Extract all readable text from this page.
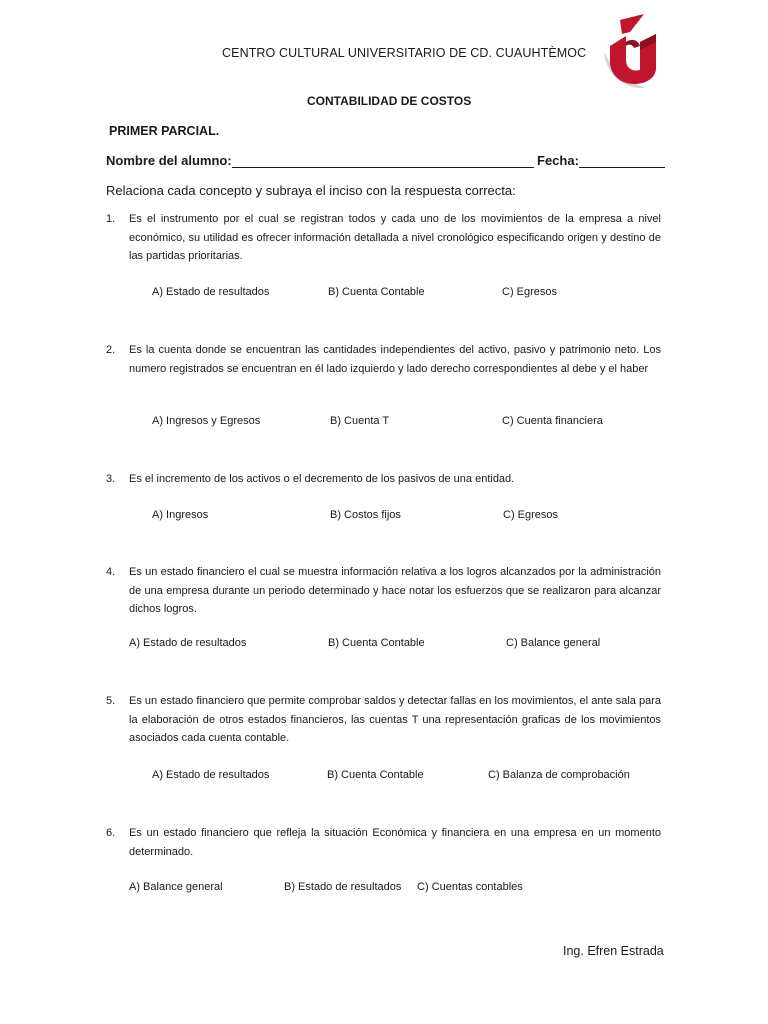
CENTRO CULTURAL UNIVERSITARIO DE CD. CUAUHTÈMOC
CONTABILIDAD DE COSTOS
PRIMER PARCIAL.
Nombre del alumno:	Fecha:
Relaciona cada concepto y subraya el inciso con la respuesta correcta:
1. Es el instrumento por el cual se registran todos y cada uno de los movimientos de la empresa a nivel económico, su utilidad es ofrecer información detallada a nivel cronológico especificando origen y destino de las partidas prioritarias.
A) Estado de resultados	B) Cuenta Contable	C) Egresos
2. Es la cuenta donde se encuentran las cantidades independientes del activo, pasivo y patrimonio neto. Los numero registrados se encuentran en él lado izquierdo y lado derecho correspondientes al debe y el haber
A) Ingresos y Egresos	B) Cuenta T	C) Cuenta financiera
3. Es el incremento de los activos o el decremento de los pasivos de una entidad.
A) Ingresos	B) Costos fijos	C) Egresos
4. Es un estado financiero el cual se muestra información relativa a los logros alcanzados por la administración de una empresa durante un periodo determinado y hace notar los esfuerzos que se realizaron para alcanzar dichos logros.
A) Estado de resultados	B) Cuenta Contable	C) Balance general
5. Es un estado financiero que permite comprobar saldos y detectar fallas en los movimientos, el ante sala para la elaboración de otros estados financieros, las cuentas T una representación graficas de los movimientos asociados cada cuenta contable.
A) Estado de resultados	B) Cuenta Contable	C) Balanza de comprobación
6. Es un estado financiero que refleja la situación Económica y financiera en una empresa en un momento determinado.
A) Balance general	B) Estado de resultados C) Cuentas contables
Ing. Efren Estrada
